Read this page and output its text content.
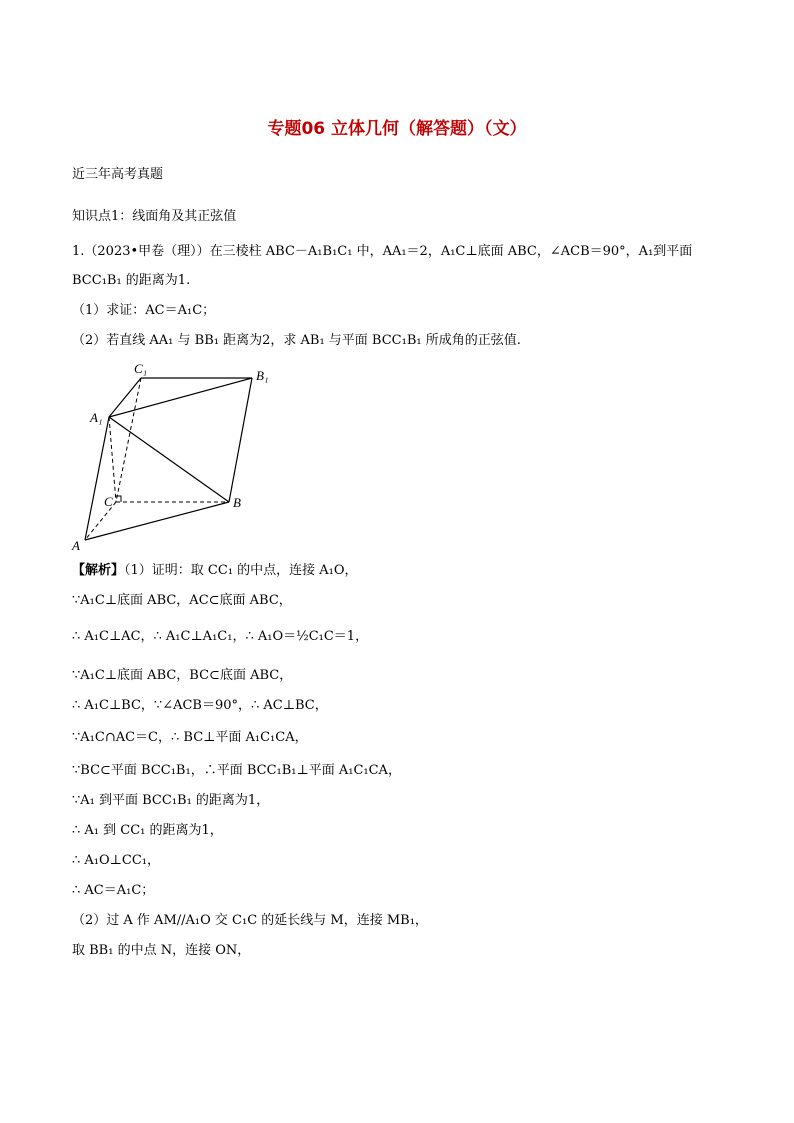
专题06 立体几何（解答题）（文）
近三年高考真题
知识点1：线面角及其正弦值
1.（2023•甲卷（理））在三棱柱 ABC－A₁B₁C₁ 中，AA₁＝2，A₁C⊥底面 ABC，∠ACB＝90°，A₁到平面
BCC₁B₁ 的距离为1.
（1）求证：AC＝A₁C；
（2）若直线 AA₁ 与 BB₁ 距离为2，求 AB₁ 与平面 BCC₁B₁ 所成角的正弦值.
C₁	B₁
A₁
C	B
A
【解析】（1）证明：取 CC₁ 的中点，连接 A₁O，
∵A₁C⊥底面 ABC，AC⊂底面 ABC，
∴ A₁C⊥AC，∴ A₁C⊥A₁C₁，∴ A₁O＝½C₁C＝1，
∵A₁C⊥底面 ABC，BC⊂底面 ABC，
∴ A₁C⊥BC，∵∠ACB＝90°，∴ AC⊥BC，
∵A₁C∩AC＝C，∴ BC⊥平面 A₁C₁CA，
∵BC⊂平面 BCC₁B₁，∴平面 BCC₁B₁⊥平面 A₁C₁CA，
∵A₁ 到平面 BCC₁B₁ 的距离为1，
∴ A₁ 到 CC₁ 的距离为1，
∴ A₁O⊥CC₁，
∴ AC＝A₁C；
（2）过 A 作 AM//A₁O 交 C₁C 的延长线与 M，连接 MB₁，
取 BB₁ 的中点 N，连接 ON，
